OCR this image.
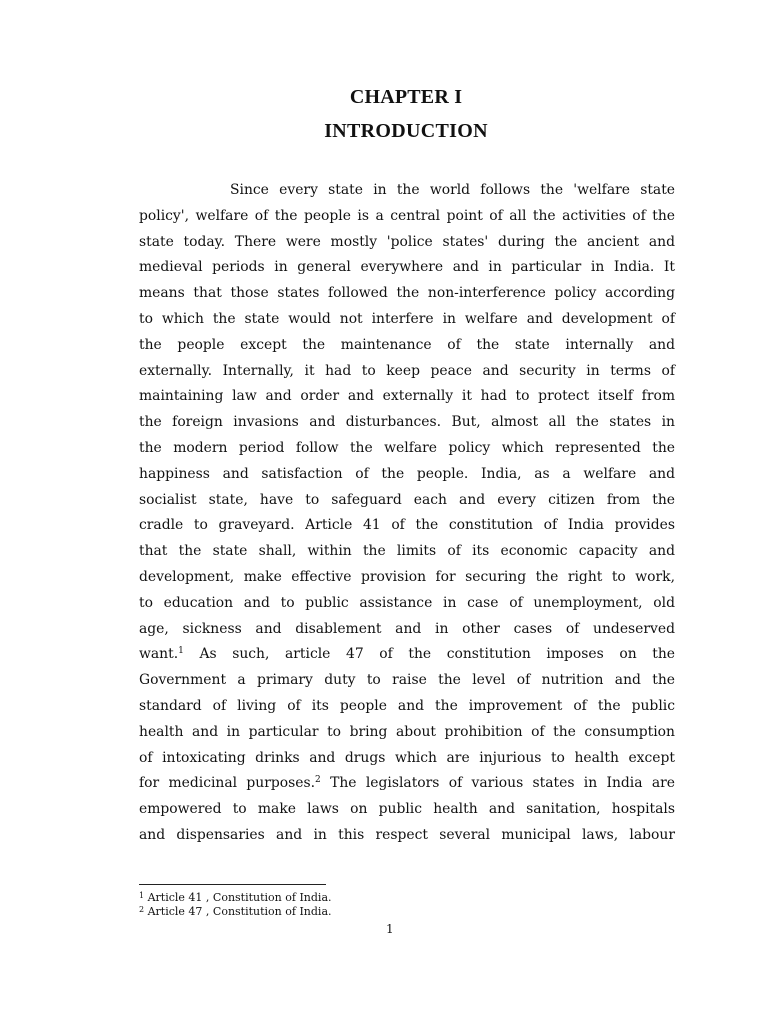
CHAPTER I
INTRODUCTION
Since every state in the world follows the 'welfare state
policy', welfare of the people is a central point of all the activities of the
state today. There were mostly 'police states' during the ancient and
medieval periods in general everywhere and in particular in India. It
means that those states followed the non-interference policy according
to which the state would not interfere in welfare and development of
the people except the maintenance of the state internally and
externally. Internally, it had to keep peace and security in terms of
maintaining law and order and externally it had to protect itself from
the foreign invasions and disturbances. But, almost all the states in
the modern period follow the welfare policy which represented the
happiness and satisfaction of the people. India, as a welfare and
socialist state, have to safeguard each and every citizen from the
cradle to graveyard. Article 41 of the constitution of India provides
that the state shall, within the limits of its economic capacity and
development, make effective provision for securing the right to work,
to education and to public assistance in case of unemployment, old
age, sickness and disablement and in other cases of undeserved
want.$^1$ As such, article 47 of the constitution imposes on the
Government a primary duty to raise the level of nutrition and the
standard of living of its people and the improvement of the public
health and in particular to bring about prohibition of the consumption
of intoxicating drinks and drugs which are injurious to health except
for medicinal purposes.$^2$ The legislators of various states in India are
empowered to make laws on public health and sanitation, hospitals
and dispensaries and in this respect several municipal laws, labour
$^1$ Article 41 , Constitution of India.
$^2$ Article 47 , Constitution of India.
1
